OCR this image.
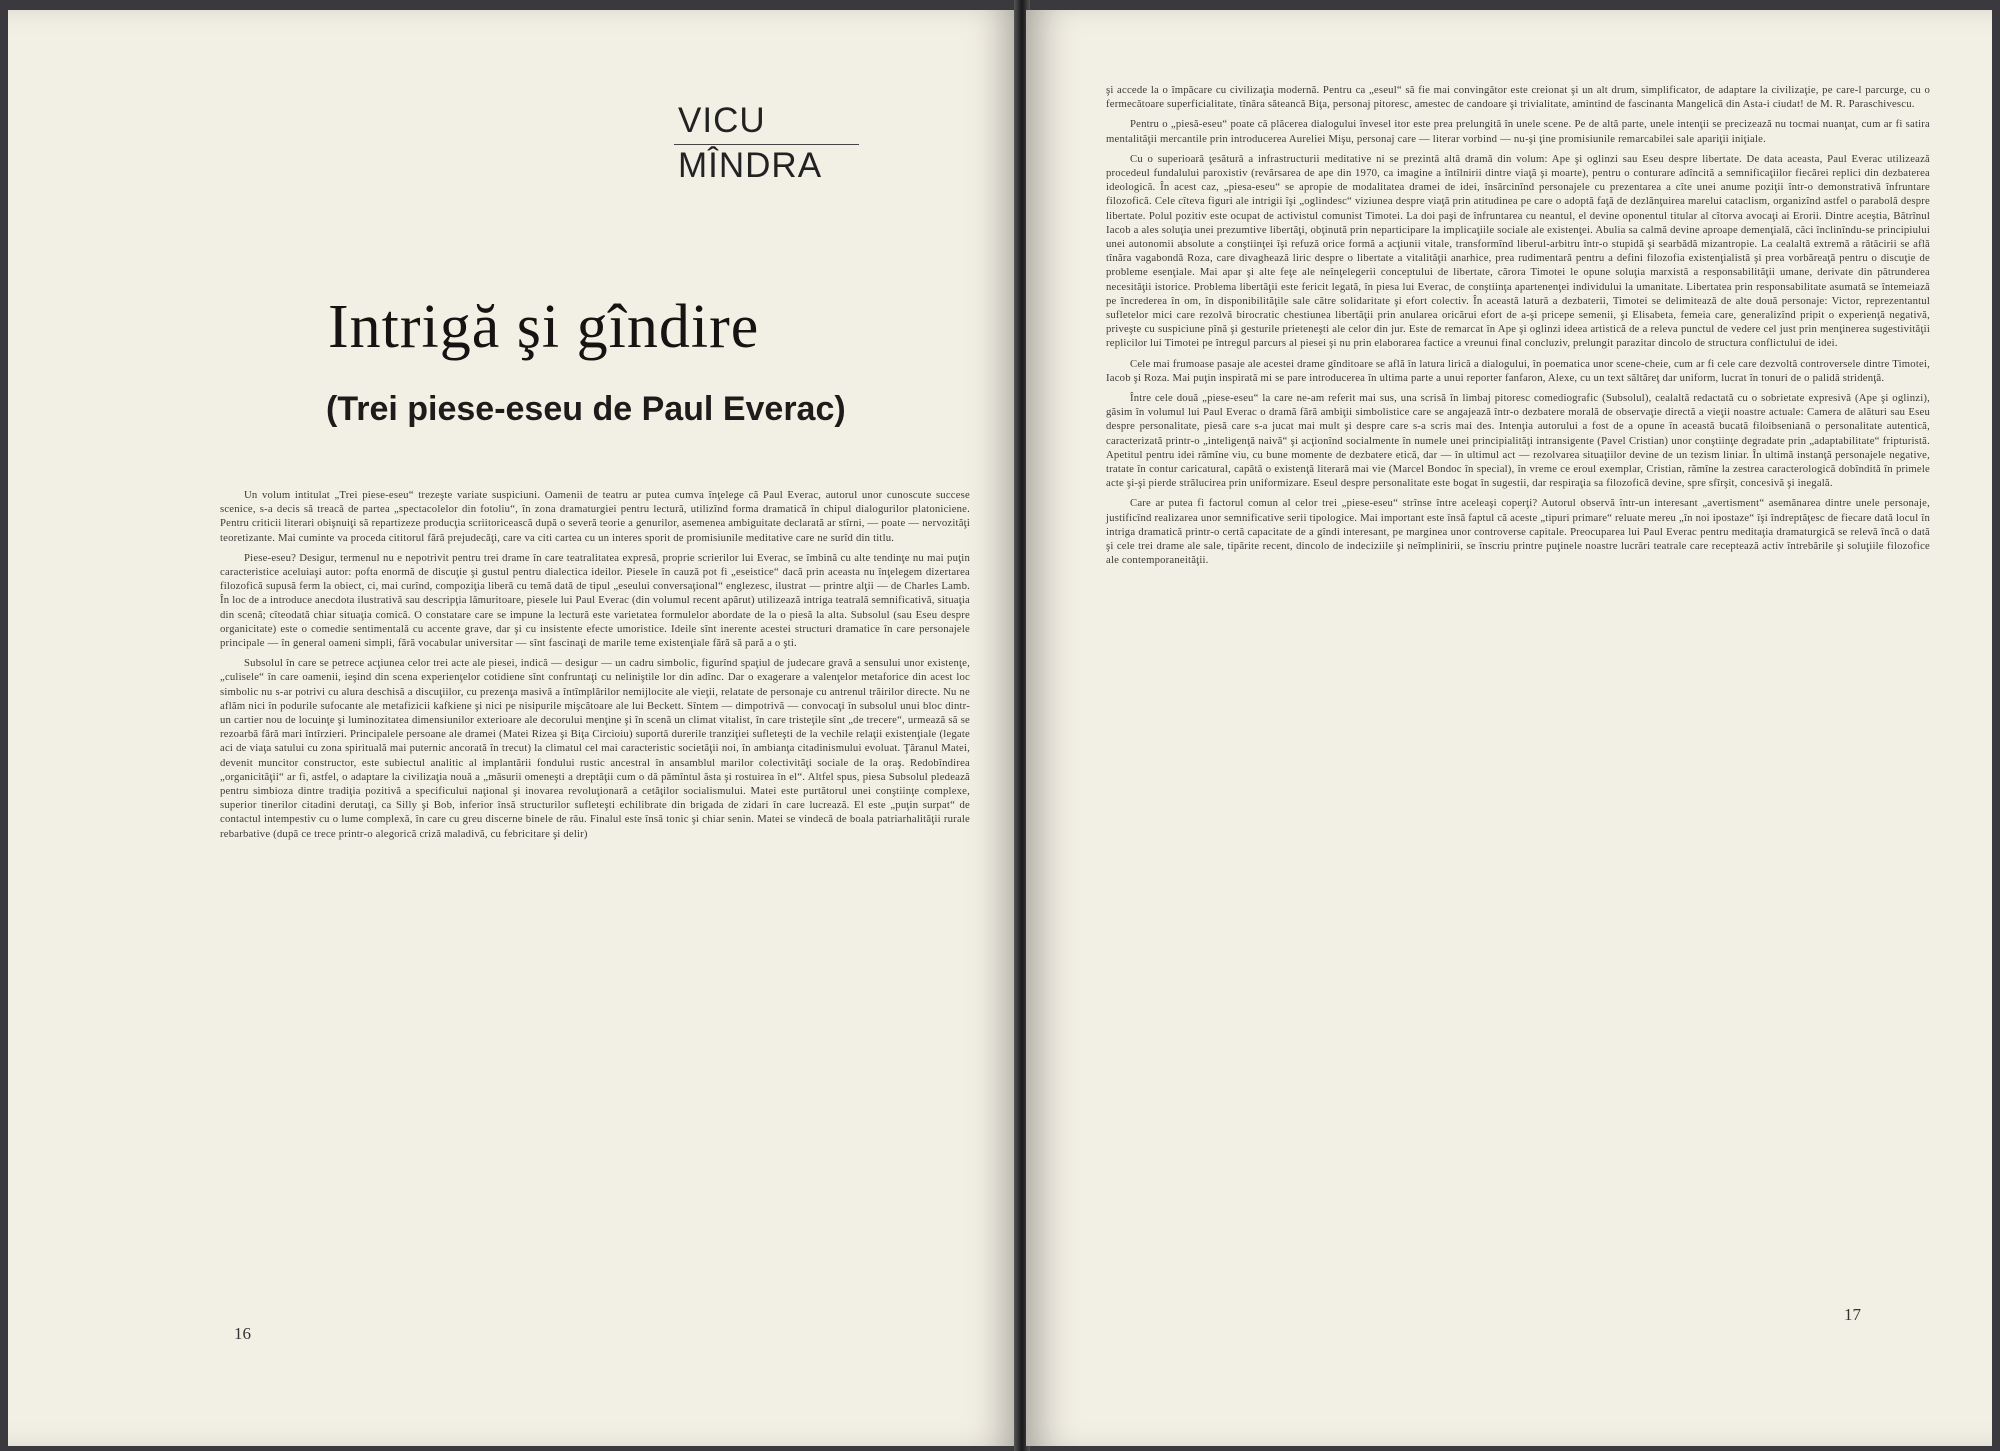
VICU
MÎNDRA
Intrigă şi gîndire
(Trei piese-eseu de Paul Everac)

Un volum intitulat „Trei piese-eseu“ trezeşte variate suspiciuni. Oamenii de teatru ar putea cumva înţelege că Paul Everac, autorul unor cunoscute succese scenice, s-a decis să treacă de partea „spectacolelor din fotoliu“, în zona dramaturgiei pentru lectură, utilizînd forma dramatică în chipul dialogurilor platoniciene. Pentru criticii literari obişnuiţi să repartizeze producţia scriitoricească după o severă teorie a genurilor, asemenea ambiguitate declarată ar stîrni, — poate — nervozităţi teoretizante. Mai cuminte va proceda cititorul fără prejudecăţi, care va citi cartea cu un interes sporit de promisiunile meditative care ne surîd din titlu.

Piese-eseu? Desigur, termenul nu e nepotrivit pentru trei drame în care teatralitatea expresă, proprie scrierilor lui Everac, se îmbină cu alte tendinţe nu mai puţin caracteristice aceluiaşi autor: pofta enormă de discuţie şi gustul pentru dialectica ideilor. Piesele în cauză pot fi „eseistice“ dacă prin aceasta nu înţelegem dizertarea filozofică supusă ferm la obiect, ci, mai curînd, compoziţia liberă cu temă dată de tipul „eseului conversaţional“ englezesc, ilustrat — printre alţii — de Charles Lamb. În loc de a introduce anecdota ilustrativă sau descripţia lămuritoare, piesele lui Paul Everac (din volumul recent apărut) utilizează intriga teatrală semnificativă, situaţia din scenă; cîteodată chiar situaţia comică. O constatare care se impune la lectură este varietatea formulelor abordate de la o piesă la alta. Subsolul (sau Eseu despre organicitate) este o comedie sentimentală cu accente grave, dar şi cu insistente efecte umoristice. Ideile sînt inerente acestei structuri dramatice în care personajele principale — în general oameni simpli, fără vocabular universitar — sînt fascinaţi de marile teme existenţiale fără să pară a o şti.

Subsolul în care se petrece acţiunea celor trei acte ale piesei, indică — desigur — un cadru simbolic, figurînd spaţiul de judecare gravă a sensului unor existenţe, „culisele“ în care oamenii, ieşind din scena experienţelor cotidiene sînt confruntaţi cu neliniştile lor din adînc. Dar o exagerare a valenţelor metaforice din acest loc simbolic nu s-ar potrivi cu alura deschisă a discuţiilor, cu prezenţa masivă a întîmplărilor nemijlocite ale vieţii, relatate de personaje cu antrenul trăirilor directe. Nu ne aflăm nici în podurile sufocante ale metafizicii kafkiene şi nici pe nisipurile mişcătoare ale lui Beckett. Sîntem — dimpotrivă — convocaţi în subsolul unui bloc dintr-un cartier nou de locuinţe şi luminozitatea dimensiunilor exterioare ale decorului menţine şi în scenă un climat vitalist, în care tristeţile sînt „de trecere“, urmează să se rezoarbă fără mari întîrzieri. Principalele persoane ale dramei (Matei Rizea şi Biţa Circioiu) suportă durerile tranziţiei sufleteşti de la vechile relaţii existenţiale (legate aci de viaţa satului cu zona spirituală mai puternic ancorată în trecut) la climatul cel mai caracteristic societăţii noi, în ambianţa citadinismului evoluat. Ţăranul Matei, devenit muncitor constructor, este subiectul analitic al implantării fondului rustic ancestral în ansamblul marilor colectivităţi sociale de la oraş. Redobîndirea „organicităţii“ ar fi, astfel, o adaptare la civilizaţia nouă a „măsurii omeneşti a dreptăţii cum o dă pămîntul ăsta şi rostuirea în el“. Altfel spus, piesa Subsolul pledează pentru simbioza dintre tradiţia pozitivă a specificului naţional şi inovarea revoluţionară a cetăţilor socialismului. Matei este purtătorul unei conştiinţe complexe, superior tinerilor citadini derutaţi, ca Silly şi Bob, inferior însă structurilor sufleteşti echilibrate din brigada de zidari în care lucrează. El este „puţin surpat“ de contactul intempestiv cu o lume complexă, în care cu greu discerne binele de rău. Finalul este însă tonic şi chiar senin. Matei se vindecă de boala patriarhalităţii rurale rebarbative (după ce trece printr-o alegorică criză maladivă, cu febricitare şi delir)

16

şi accede la o împăcare cu civilizaţia modernă. Pentru ca „eseul“ să fie mai convingător este creionat şi un alt drum, simplificator, de adaptare la civilizaţie, pe care-l parcurge, cu o fermecătoare superficialitate, tînăra săteancă Biţa, personaj pitoresc, amestec de candoare şi trivialitate, amintind de fascinanta Mangelică din Asta-i ciudat! de M. R. Paraschivescu.

Pentru o „piesă-eseu“ poate că plăcerea dialogului învesel itor este prea prelungită în unele scene. Pe de altă parte, unele intenţii se precizează nu tocmai nuanţat, cum ar fi satira mentalităţii mercantile prin introducerea Aureliei Mişu, personaj care — literar vorbind — nu-şi ţine promisiunile remarcabilei sale apariţii iniţiale.

Cu o superioară ţesătură a infrastructurii meditative ni se prezintă altă dramă din volum: Ape şi oglinzi sau Eseu despre libertate. De data aceasta, Paul Everac utilizează procedeul fundalului paroxistiv (revărsarea de ape din 1970, ca imagine a întîlnirii dintre viaţă şi moarte), pentru o conturare adîncită a semnificaţiilor fiecărei replici din dezbaterea ideologică. În acest caz, „piesa-eseu“ se apropie de modalitatea dramei de idei, însărcinînd personajele cu prezentarea a cîte unei anume poziţii într-o demonstrativă înfruntare filozofică. Cele cîteva figuri ale intrigii îşi „oglindesc“ viziunea despre viaţă prin atitudinea pe care o adoptă faţă de dezlănţuirea marelui cataclism, organizînd astfel o parabolă despre libertate. Polul pozitiv este ocupat de activistul comunist Timotei. La doi paşi de înfruntarea cu neantul, el devine oponentul titular al cîtorva avocaţi ai Erorii. Dintre aceştia, Bătrînul Iacob a ales soluţia unei prezumtive libertăţi, obţinută prin neparticipare la implicaţiile sociale ale existenţei. Abulia sa calmă devine aproape demenţială, căci înclinîndu-se principiului unei autonomii absolute a conştiinţei îşi refuză orice formă a acţiunii vitale, transformînd liberul-arbitru într-o stupidă şi searbădă mizantropie. La cealaltă extremă a rătăcirii se află tînăra vagabondă Roza, care divaghează liric despre o libertate a vitalităţii anarhice, prea rudimentară pentru a defini filozofia existenţialistă şi prea vorbăreaţă pentru o discuţie de probleme esenţiale. Mai apar şi alte feţe ale neînţelegerii conceptului de libertate, cărora Timotei le opune soluţia marxistă a responsabilităţii umane, derivate din pătrunderea necesităţii istorice. Problema libertăţii este fericit legată, în piesa lui Everac, de conştiinţa apartenenţei individului la umanitate. Libertatea prin responsabilitate asumată se întemeiază pe încrederea în om, în disponibilităţile sale către solidaritate şi efort colectiv. În această latură a dezbaterii, Timotei se delimitează de alte două personaje: Victor, reprezentantul sufletelor mici care rezolvă birocratic chestiunea libertăţii prin anularea oricărui efort de a-şi pricepe semenii, şi Elisabeta, femeia care, generalizînd pripit o experienţă negativă, priveşte cu suspiciune pînă şi gesturile prieteneşti ale celor din jur. Este de remarcat în Ape şi oglinzi ideea artistică de a releva punctul de vedere cel just prin menţinerea sugestivităţii replicilor lui Timotei pe întregul parcurs al piesei şi nu prin elaborarea factice a vreunui final concluziv, prelungit parazitar dincolo de structura conflictului de idei.

Cele mai frumoase pasaje ale acestei drame gînditoare se află în latura lirică a dialogului, în poematica unor scene-cheie, cum ar fi cele care dezvoltă controversele dintre Timotei, Iacob şi Roza. Mai puţin inspirată mi se pare introducerea în ultima parte a unui reporter fanfaron, Alexe, cu un text săltăreţ dar uniform, lucrat în tonuri de o palidă stridenţă.

Între cele două „piese-eseu“ la care ne-am referit mai sus, una scrisă în limbaj pitoresc comediografic (Subsolul), cealaltă redactată cu o sobrietate expresivă (Ape şi oglinzi), găsim în volumul lui Paul Everac o dramă fără ambiţii simbolistice care se angajează într-o dezbatere morală de observaţie directă a vieţii noastre actuale: Camera de alături sau Eseu despre personalitate, piesă care s-a jucat mai mult şi despre care s-a scris mai des. Intenţia autorului a fost de a opune în această bucată filoibseniană o personalitate autentică, caracterizată printr-o „inteligenţă naivă“ şi acţionînd socialmente în numele unei principialităţi intransigente (Pavel Cristian) unor conştiinţe degradate prin „adaptabilitate“ fripturistă. Apetitul pentru idei rămîne viu, cu bune momente de dezbatere etică, dar — în ultimul act — rezolvarea situaţiilor devine de un tezism liniar. În ultimă instanţă personajele negative, tratate în contur caricatural, capătă o existenţă literară mai vie (Marcel Bondoc în special), în vreme ce eroul exemplar, Cristian, rămîne la zestrea caracterologică dobîndită în primele acte şi-şi pierde strălucirea prin uniformizare. Eseul despre personalitate este bogat în sugestii, dar respiraţia sa filozofică devine, spre sfîrşit, concesivă şi inegală.

Care ar putea fi factorul comun al celor trei „piese-eseu“ strînse între aceleaşi coperţi? Autorul observă într-un interesant „avertisment“ asemănarea dintre unele personaje, justificînd realizarea unor semnificative serii tipologice. Mai important este însă faptul că aceste „tipuri primare“ reluate mereu „în noi ipostaze“ îşi îndreptăţesc de fiecare dată locul în intriga dramatică printr-o certă capacitate de a gîndi interesant, pe marginea unor controverse capitale. Preocuparea lui Paul Everac pentru meditaţia dramaturgică se relevă încă o dată şi cele trei drame ale sale, tipărite recent, dincolo de indeciziile şi neîmplinirii, se înscriu printre puţinele noastre lucrări teatrale care receptează activ întrebările şi soluţiile filozofice ale contemporaneităţii.

17
